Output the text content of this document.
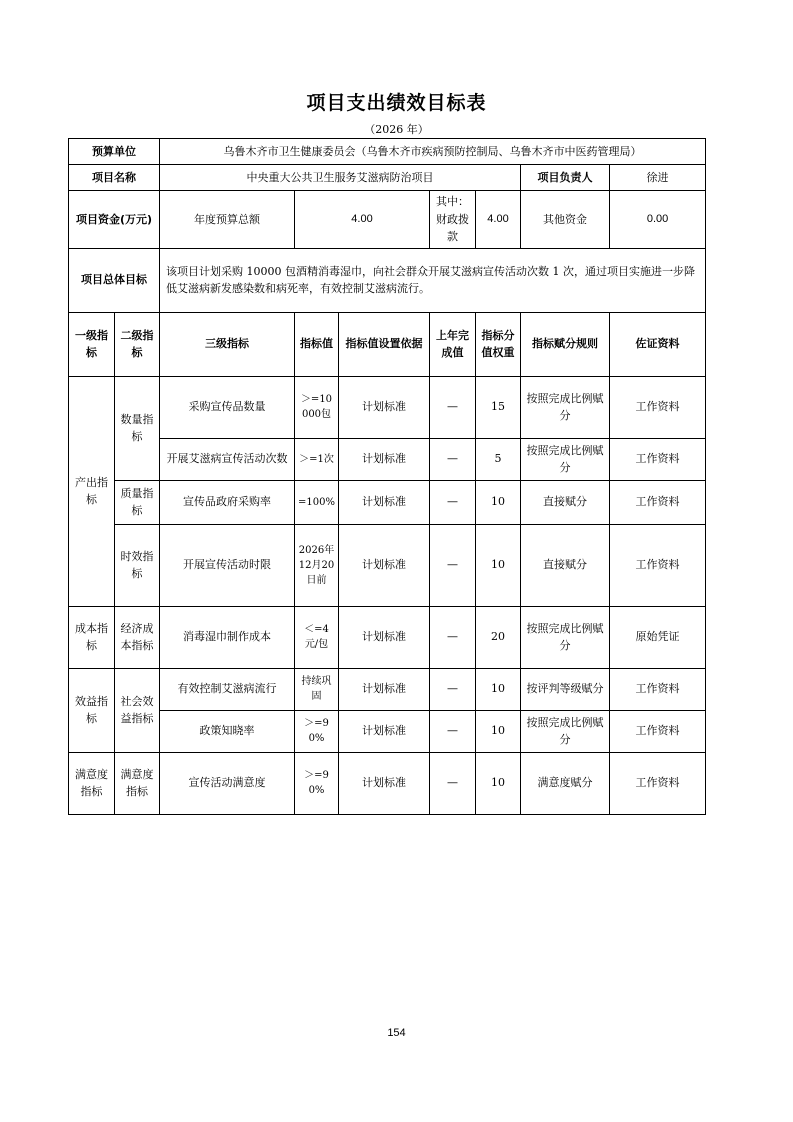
项目支出绩效目标表
（2026 年）
预算单位		乌鲁木齐市卫生健康委员会（乌鲁木齐市疾病预防控制局、乌鲁木齐市中医药管理局）						
项目名称		中央重大公共卫生服务艾滋病防治项目					项目负责人	徐进
项目资金(万元)		年度预算总额	4.00		其中：财政拨款	4.00	其他资金	0.00
项目总体目标		该项目计划采购 10000 包酒精消毒湿巾，向社会群众开展艾滋病宣传活动次数 1 次，通过项目实施进一步降低艾滋病新发感染数和病死率，有效控制艾滋病流行。						
一级指标	二级指标	三级指标	指标值	指标值设置依据	上年完成值	指标分值权重	指标赋分规则	佐证资料
产出指标	数量指标	采购宣传品数量	＞=10000包	计划标准	—	15	按照完成比例赋分	工作资料
		开展艾滋病宣传活动次数	＞=1次	计划标准	—	5	按照完成比例赋分	工作资料
	质量指标	宣传品政府采购率	=100%	计划标准	—	10	直接赋分	工作资料
	时效指标	开展宣传活动时限	2026年12月20日前	计划标准	—	10	直接赋分	工作资料
成本指标	经济成本指标	消毒湿巾制作成本	＜=4元/包	计划标准	—	20	按照完成比例赋分	原始凭证
效益指标	社会效益指标	有效控制艾滋病流行	持续巩固	计划标准	—	10	按评判等级赋分	工作资料
		政策知晓率	＞=90%	计划标准	—	10	按照完成比例赋分	工作资料
满意度指标	满意度指标	宣传活动满意度	＞=90%	计划标准	—	10	满意度赋分	工作资料
154
